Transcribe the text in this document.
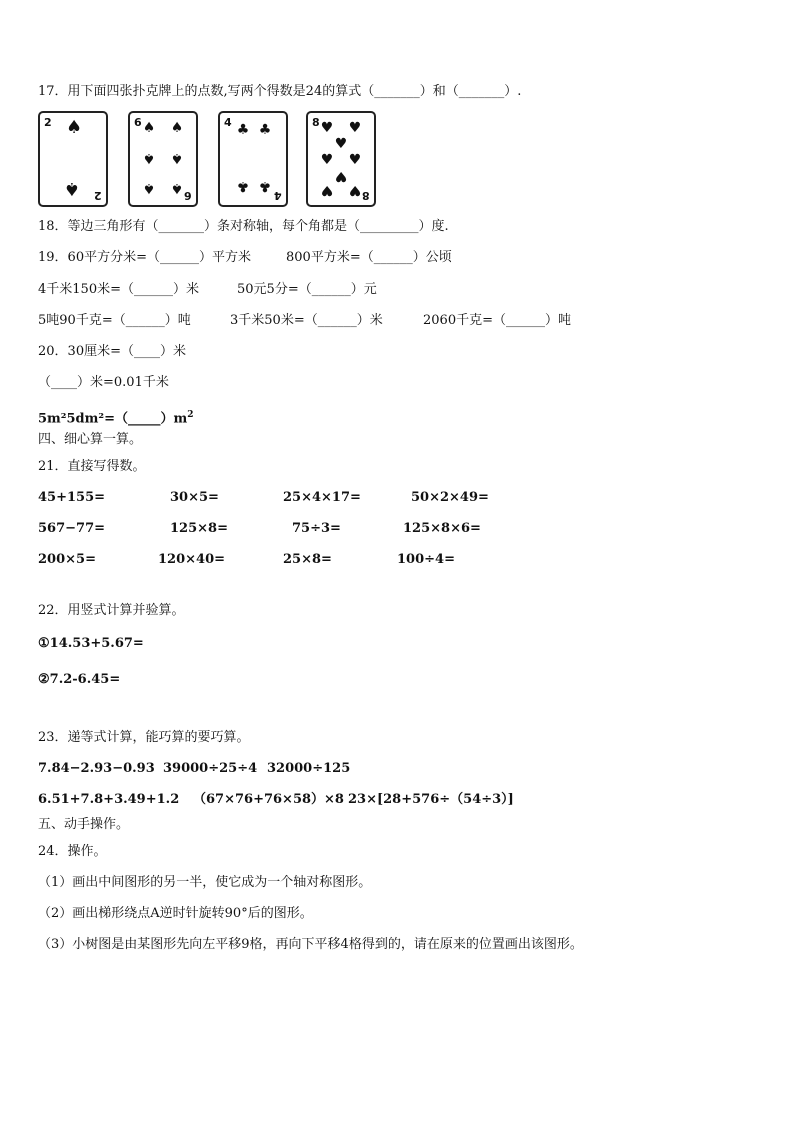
17．用下面四张扑克牌上的点数,写两个得数是24的算式（_______）和（_______）.
2
2
♠
♠
6
6
♠ ♠
♠ ♠
♠ ♠
4
4
♣ ♣
♣ ♣
8
8
♥ ♥
♥
♥ ♥
♥
♥ ♥
18．等边三角形有（_______）条对称轴，每个角都是（_________）度.
19．60平方分米=（______）平方米	800平方米=（______）公顷
4千米150米=（______）米	50元5分=（______）元
5吨90千克=（______）吨	3千米50米=（______）米	2060千克=（______）吨
20．30厘米=（____）米
（____）米=0.01千米
$5m^25dm^2=(\_\_\_\_\_)m^2$
四、细心算一算。
21．直接写得数。
45+155=	30×5=	25×4×17=	50×2×49=
567−77=	125×8=	75÷3=	125×8×6=
200×5=	120×40=	25×8=	100÷4=
22．用竖式计算并验算。
①14.53+5.67=
②7.2-6.45=
23．递等式计算，能巧算的要巧算。
7.84−2.93−0.93 39000÷25÷4 32000÷125
6.51+7.8+3.49+1.2 （67×76+76×58）×8 23×[28+576÷（54÷3）]
五、动手操作。
24．操作。
（1）画出中间图形的另一半，使它成为一个轴对称图形。
（2）画出梯形绕点A逆时针旋转90°后的图形。
（3）小树图是由某图形先向左平移9格，再向下平移4格得到的，请在原来的位置画出该图形。
